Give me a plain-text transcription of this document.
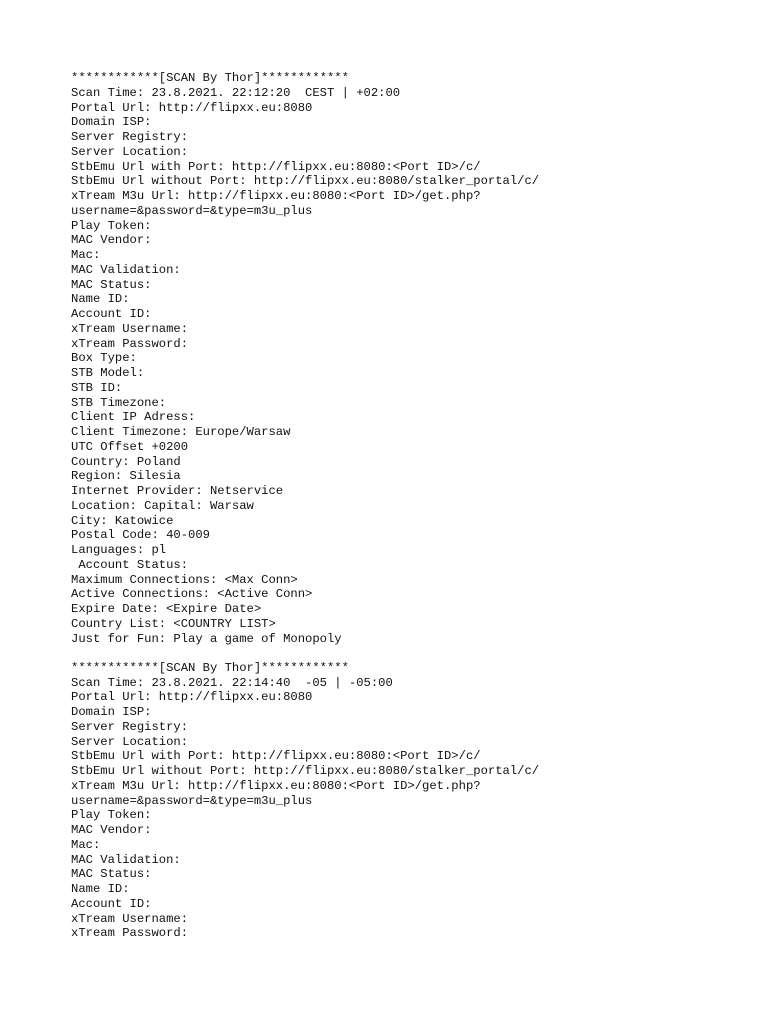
************[SCAN By Thor]************
Scan Time: 23.8.2021. 22:12:20  CEST | +02:00
Portal Url: http://flipxx.eu:8080
Domain ISP:
Server Registry:
Server Location:
StbEmu Url with Port: http://flipxx.eu:8080:<Port ID>/c/
StbEmu Url without Port: http://flipxx.eu:8080/stalker_portal/c/
xTream M3u Url: http://flipxx.eu:8080:<Port ID>/get.php?
username=&password=&type=m3u_plus
Play Token:
MAC Vendor:
Mac:
MAC Validation:
MAC Status:
Name ID:
Account ID:
xTream Username:
xTream Password:
Box Type:
STB Model:
STB ID:
STB Timezone:
Client IP Adress:
Client Timezone: Europe/Warsaw
UTC Offset +0200
Country: Poland
Region: Silesia
Internet Provider: Netservice
Location: Capital: Warsaw
City: Katowice
Postal Code: 40-009
Languages: pl
Account Status:
Maximum Connections: <Max Conn>
Active Connections: <Active Conn>
Expire Date: <Expire Date>
Country List: <COUNTRY LIST>
Just for Fun: Play a game of Monopoly
************[SCAN By Thor]************
Scan Time: 23.8.2021. 22:14:40  -05 | -05:00
Portal Url: http://flipxx.eu:8080
Domain ISP:
Server Registry:
Server Location:
StbEmu Url with Port: http://flipxx.eu:8080:<Port ID>/c/
StbEmu Url without Port: http://flipxx.eu:8080/stalker_portal/c/
xTream M3u Url: http://flipxx.eu:8080:<Port ID>/get.php?
username=&password=&type=m3u_plus
Play Token:
MAC Vendor:
Mac:
MAC Validation:
MAC Status:
Name ID:
Account ID:
xTream Username:
xTream Password:
